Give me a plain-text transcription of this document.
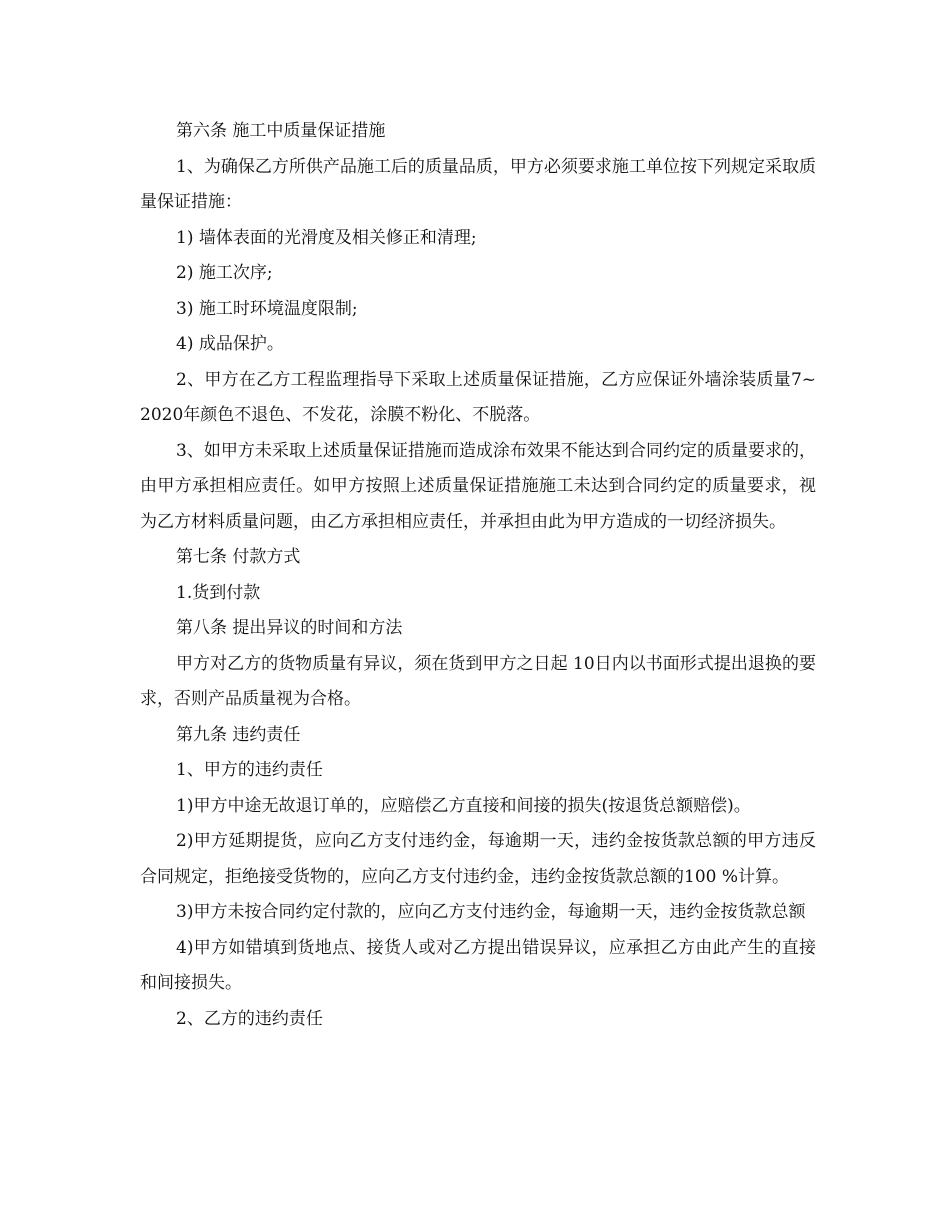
第六条 施工中质量保证措施

1、为确保乙方所供产品施工后的质量品质，甲方必须要求施工单位按下列规定采取质量保证措施：

1) 墙体表面的光滑度及相关修正和清理;

2) 施工次序;

3) 施工时环境温度限制;

4) 成品保护。

2、甲方在乙方工程监理指导下采取上述质量保证措施，乙方应保证外墙涂装质量7~2020年颜色不退色、不发花，涂膜不粉化、不脱落。

3、如甲方未采取上述质量保证措施而造成涂布效果不能达到合同约定的质量要求的，由甲方承担相应责任。如甲方按照上述质量保证措施施工未达到合同约定的质量要求，视为乙方材料质量问题，由乙方承担相应责任，并承担由此为甲方造成的一切经济损失。

第七条 付款方式

1.货到付款

第八条 提出异议的时间和方法

甲方对乙方的货物质量有异议，须在货到甲方之日起 10日内以书面形式提出退换的要求，否则产品质量视为合格。

第九条 违约责任

1、甲方的违约责任

1)甲方中途无故退订单的，应赔偿乙方直接和间接的损失(按退货总额赔偿)。

2)甲方延期提货，应向乙方支付违约金，每逾期一天，违约金按货款总额的甲方违反合同规定，拒绝接受货物的，应向乙方支付违约金，违约金按货款总额的100 %计算。

3)甲方未按合同约定付款的，应向乙方支付违约金，每逾期一天，违约金按货款总额

4)甲方如错填到货地点、接货人或对乙方提出错误异议，应承担乙方由此产生的直接和间接损失。

2、乙方的违约责任
